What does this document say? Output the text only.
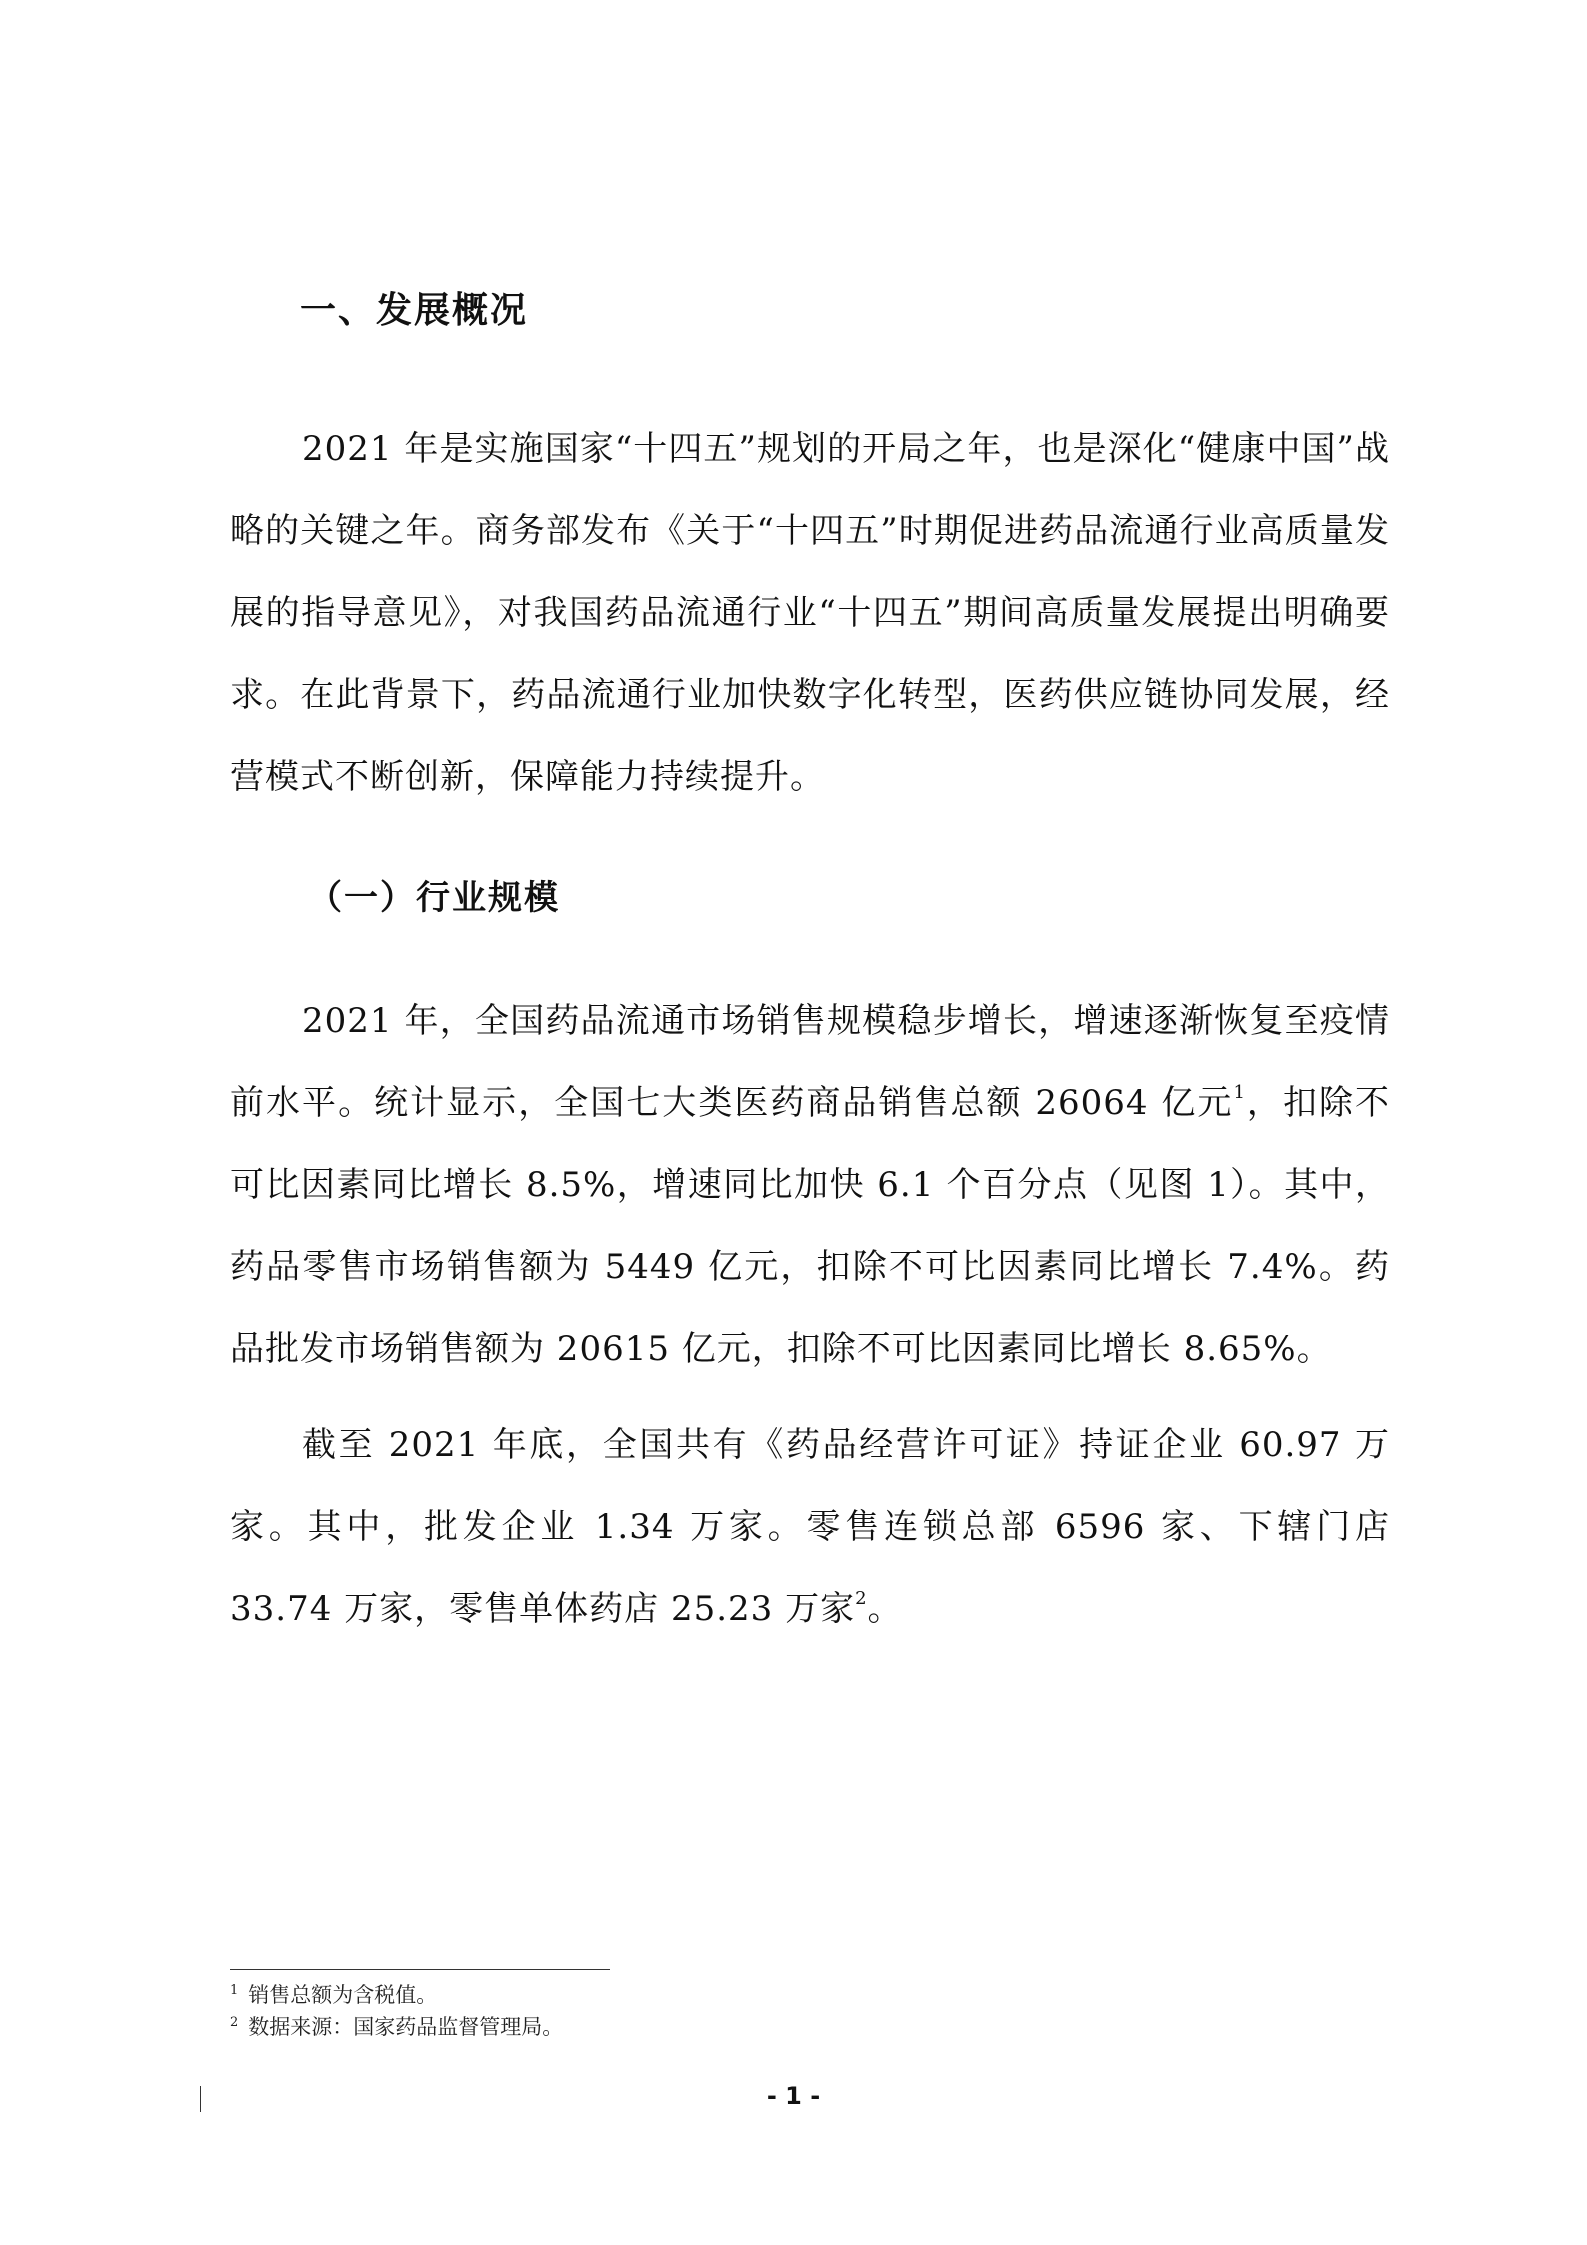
一、发展概况

2021 年是实施国家“十四五”规划的开局之年，也是深化“健康中国”战略的关键之年。商务部发布《关于“十四五”时期促进药品流通行业高质量发展的指导意见》，对我国药品流通行业“十四五”期间高质量发展提出明确要求。在此背景下，药品流通行业加快数字化转型，医药供应链协同发展，经营模式不断创新，保障能力持续提升。

（一）行业规模

2021 年，全国药品流通市场销售规模稳步增长，增速逐渐恢复至疫情前水平。统计显示，全国七大类医药商品销售总额 26064 亿元$^1$，扣除不可比因素同比增长 8.5%，增速同比加快 6.1 个百分点（见图 1）。其中，药品零售市场销售额为 5449 亿元，扣除不可比因素同比增长 7.4%。药品批发市场销售额为 20615 亿元，扣除不可比因素同比增长 8.65%。

截至 2021 年底，全国共有《药品经营许可证》持证企业 60.97 万家。其中，批发企业 1.34 万家。零售连锁总部 6596 家、下辖门店 33.74 万家，零售单体药店 25.23 万家$^2$。

$^1$ 销售总额为含税值。

$^2$ 数据来源：国家药品监督管理局。

- 1 -
